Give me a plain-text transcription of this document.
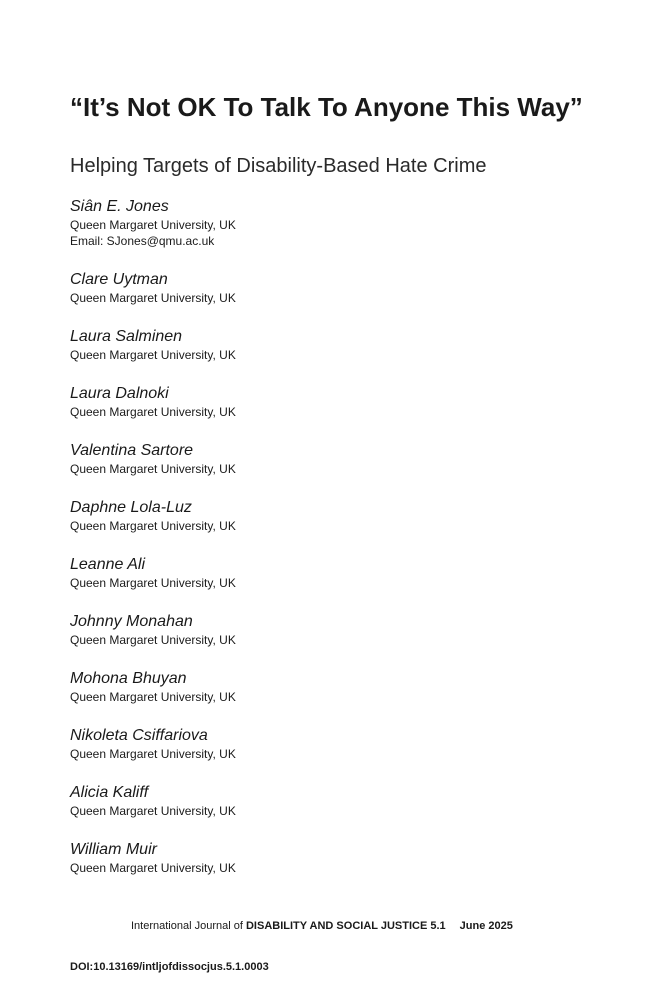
“It’s Not OK To Talk To Anyone This Way”
Helping Targets of Disability-Based Hate Crime
Siân E. Jones
Queen Margaret University, UK
Email: SJones@qmu.ac.uk
Clare Uytman
Queen Margaret University, UK
Laura Salminen
Queen Margaret University, UK
Laura Dalnoki
Queen Margaret University, UK
Valentina Sartore
Queen Margaret University, UK
Daphne Lola-Luz
Queen Margaret University, UK
Leanne Ali
Queen Margaret University, UK
Johnny Monahan
Queen Margaret University, UK
Mohona Bhuyan
Queen Margaret University, UK
Nikoleta Csiffariova
Queen Margaret University, UK
Alicia Kaliff
Queen Margaret University, UK
William Muir
Queen Margaret University, UK
International Journal of DISABILITY AND SOCIAL JUSTICE 5.1 June 2025
DOI:10.13169/intljofdissocjus.5.1.0003
